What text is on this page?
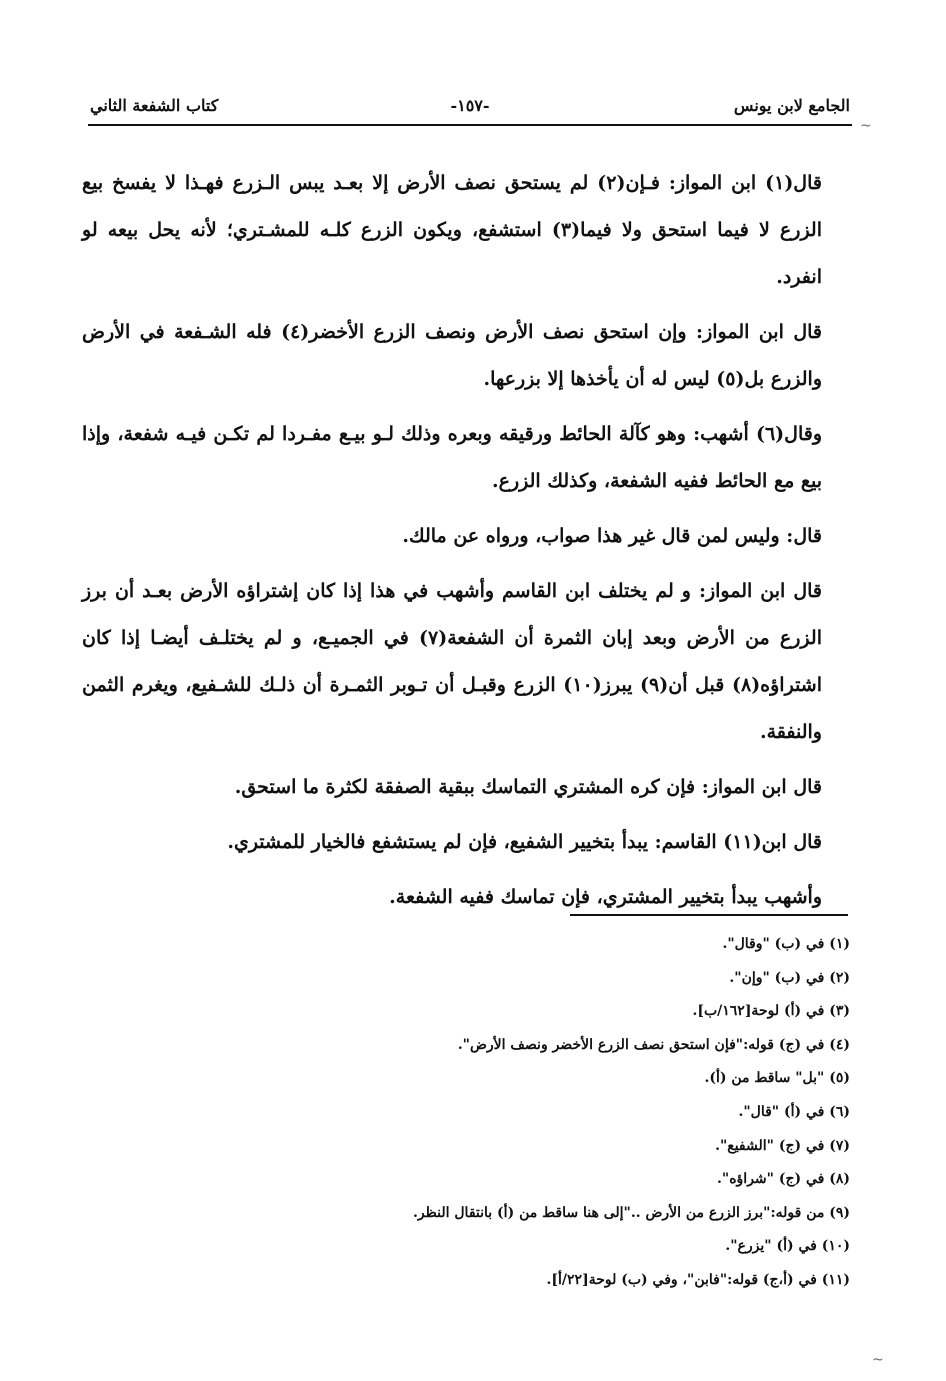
الجامع لابن يونس
-١٥٧-
كتاب الشفعة الثاني
~
~

قال(١) ابن المواز: فـإن(٢) لم يستحق نصف الأرض إلا بعـد يبس الـزرع فهـذا لا يفسخ بيع الزرع لا فيما استحق ولا فيما(٣) استشفع، ويكون الزرع كلـه للمشـتري؛ لأنه يحل بيعه لو انفرد.

قال ابن المواز: وإن استحق نصف الأرض ونصف الزرع الأخضر(٤) فله الشـفعة في الأرض والزرع بل(٥) ليس له أن يأخذها إلا بزرعها.

وقال(٦) أشهب: وهو كآلة الحائط ورقيقه وبعره وذلك لـو بيـع مفـردا لم تكـن فيـه شفعة، وإذا بيع مع الحائط ففيه الشفعة، وكذلك الزرع.

قال: وليس لمن قال غير هذا صواب، ورواه عن مالك.

قال ابن المواز: و لم يختلف ابن القاسم وأشهب في هذا إذا كان إشتراؤه الأرض بعـد أن برز الزرع من الأرض وبعد إبان الثمرة أن الشفعة(٧) في الجميـع، و لم يختلـف أيضـا إذا كان اشتراؤه(٨) قبل أن(٩) يبرز(١٠) الزرع وقبـل أن تـوبر الثمـرة أن ذلـك للشـفيع، ويغرم الثمن والنفقة.

قال ابن المواز: فإن كره المشتري التماسك ببقية الصفقة لكثرة ما استحق.

قال ابن(١١) القاسم: يبدأ بتخيير الشفيع، فإن لم يستشفع فالخيار للمشتري.

وأشهب يبدأ بتخيير المشتري، فإن تماسك ففيه الشفعة.

(١) في (ب) "وقال".
(٢) في (ب) "وإن".
(٣) في (أ) لوحة[١٦٢/ب].
(٤) في (ج) قوله:"فإن استحق نصف الزرع الأخضر ونصف الأرض".
(٥) "بل" ساقط من (أ).
(٦) في (أ) "قال".
(٧) في (ج) "الشفيع".
(٨) في (ج) "شراؤه".
(٩) من قوله:"برز الزرع من الأرض .."إلى هنا ساقط من (أ) بانتقال النظر.
(١٠) في (أ) "يزرع".
(١١) في (أ،ج) قوله:"فابن"، وفي (ب) لوحة[٢٢/أ].
